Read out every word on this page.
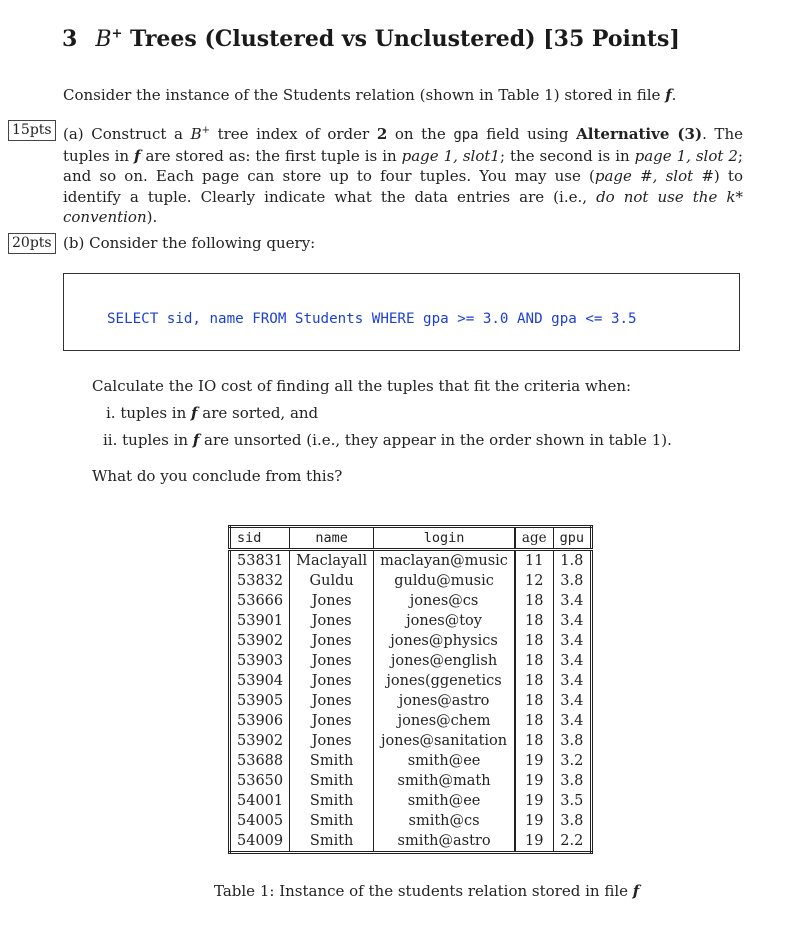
3 B+ Trees (Clustered vs Unclustered) [35 Points]
Consider the instance of the Students relation (shown in Table 1) stored in file f.
15pts (a) Construct a B+ tree index of order 2 on the gpa field using Alternative (3). The tuples in f are stored as: the first tuple is in page 1, slot1; the second is in page 1, slot 2; and so on. Each page can store up to four tuples. You may use (page #, slot #) to identify a tuple. Clearly indicate what the data entries are (i.e., do not use the k* convention).
20pts (b) Consider the following query:
SELECT sid, name FROM Students WHERE gpa >= 3.0 AND gpa <= 3.5
Calculate the IO cost of finding all the tuples that fit the criteria when:
i. tuples in f are sorted, and
ii. tuples in f are unsorted (i.e., they appear in the order shown in table 1).
What do you conclude from this?
sid	name	login	age	gpu
53831	Maclayall	maclayan@music	11	1.8
53832	Guldu	guldu@music	12	3.8
53666	Jones	jones@cs	18	3.4
53901	Jones	jones@toy	18	3.4
53902	Jones	jones@physics	18	3.4
53903	Jones	jones@english	18	3.4
53904	Jones	jones(ggenetics	18	3.4
53905	Jones	jones@astro	18	3.4
53906	Jones	jones@chem	18	3.4
53902	Jones	jones@sanitation	18	3.8
53688	Smith	smith@ee	19	3.2
53650	Smith	smith@math	19	3.8
54001	Smith	smith@ee	19	3.5
54005	Smith	smith@cs	19	3.8
54009	Smith	smith@astro	19	2.2
Table 1: Instance of the students relation stored in file f
